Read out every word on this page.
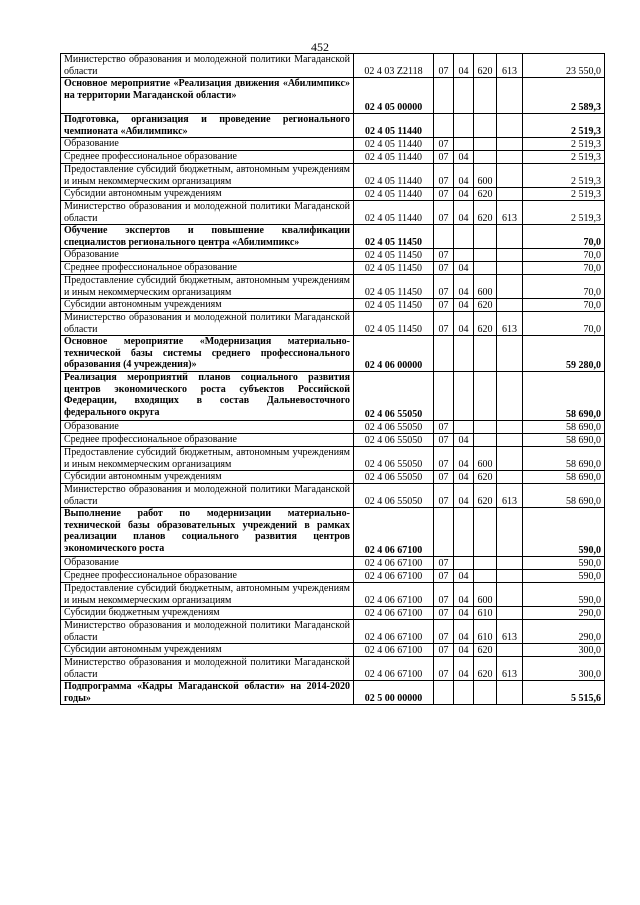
452
Министерство образования и молодежной политики Магаданской области	02 4 03 Z2118	07	04	620	613	23 550,0
Основное мероприятие «Реализация движения «Абилимпикс» на территории Магаданской области»	02 4 05 00000					2 589,3
Подготовка, организация и проведение регионального чемпионата «Абилимпикс»	02 4 05 11440					2 519,3
Образование	02 4 05 11440	07				2 519,3
Среднее профессиональное образование	02 4 05 11440	07	04			2 519,3
Предоставление субсидий бюджетным, автономным учреждениям и иным некоммерческим организациям	02 4 05 11440	07	04	600		2 519,3
Субсидии автономным учреждениям	02 4 05 11440	07	04	620		2 519,3
Министерство образования и молодежной политики Магаданской области	02 4 05 11440	07	04	620	613	2 519,3
Обучение экспертов и повышение квалификации специалистов регионального центра «Абилимпикс»	02 4 05 11450					70,0
Образование	02 4 05 11450	07				70,0
Среднее профессиональное образование	02 4 05 11450	07	04			70,0
Предоставление субсидий бюджетным, автономным учреждениям и иным некоммерческим организациям	02 4 05 11450	07	04	600		70,0
Субсидии автономным учреждениям	02 4 05 11450	07	04	620		70,0
Министерство образования и молодежной политики Магаданской области	02 4 05 11450	07	04	620	613	70,0
Основное мероприятие «Модернизация материально-технической базы системы среднего профессионального образования (4 учреждения)»	02 4 06 00000					59 280,0
Реализация мероприятий планов социального развития центров экономического роста субъектов Российской Федерации, входящих в состав Дальневосточного федерального округа	02 4 06 55050					58 690,0
Образование	02 4 06 55050	07				58 690,0
Среднее профессиональное образование	02 4 06 55050	07	04			58 690,0
Предоставление субсидий бюджетным, автономным учреждениям и иным некоммерческим организациям	02 4 06 55050	07	04	600		58 690,0
Субсидии автономным учреждениям	02 4 06 55050	07	04	620		58 690,0
Министерство образования и молодежной политики Магаданской области	02 4 06 55050	07	04	620	613	58 690,0
Выполнение работ по модернизации материально-технической базы образовательных учреждений в рамках реализации планов социального развития центров экономического роста	02 4 06 67100					590,0
Образование	02 4 06 67100	07				590,0
Среднее профессиональное образование	02 4 06 67100	07	04			590,0
Предоставление субсидий бюджетным, автономным учреждениям и иным некоммерческим организациям	02 4 06 67100	07	04	600		590,0
Субсидии бюджетным учреждениям	02 4 06 67100	07	04	610		290,0
Министерство образования и молодежной политики Магаданской области	02 4 06 67100	07	04	610	613	290,0
Субсидии автономным учреждениям	02 4 06 67100	07	04	620		300,0
Министерство образования и молодежной политики Магаданской области	02 4 06 67100	07	04	620	613	300,0
Подпрограмма «Кадры Магаданской области» на 2014-2020 годы»	02 5 00 00000					5 515,6
